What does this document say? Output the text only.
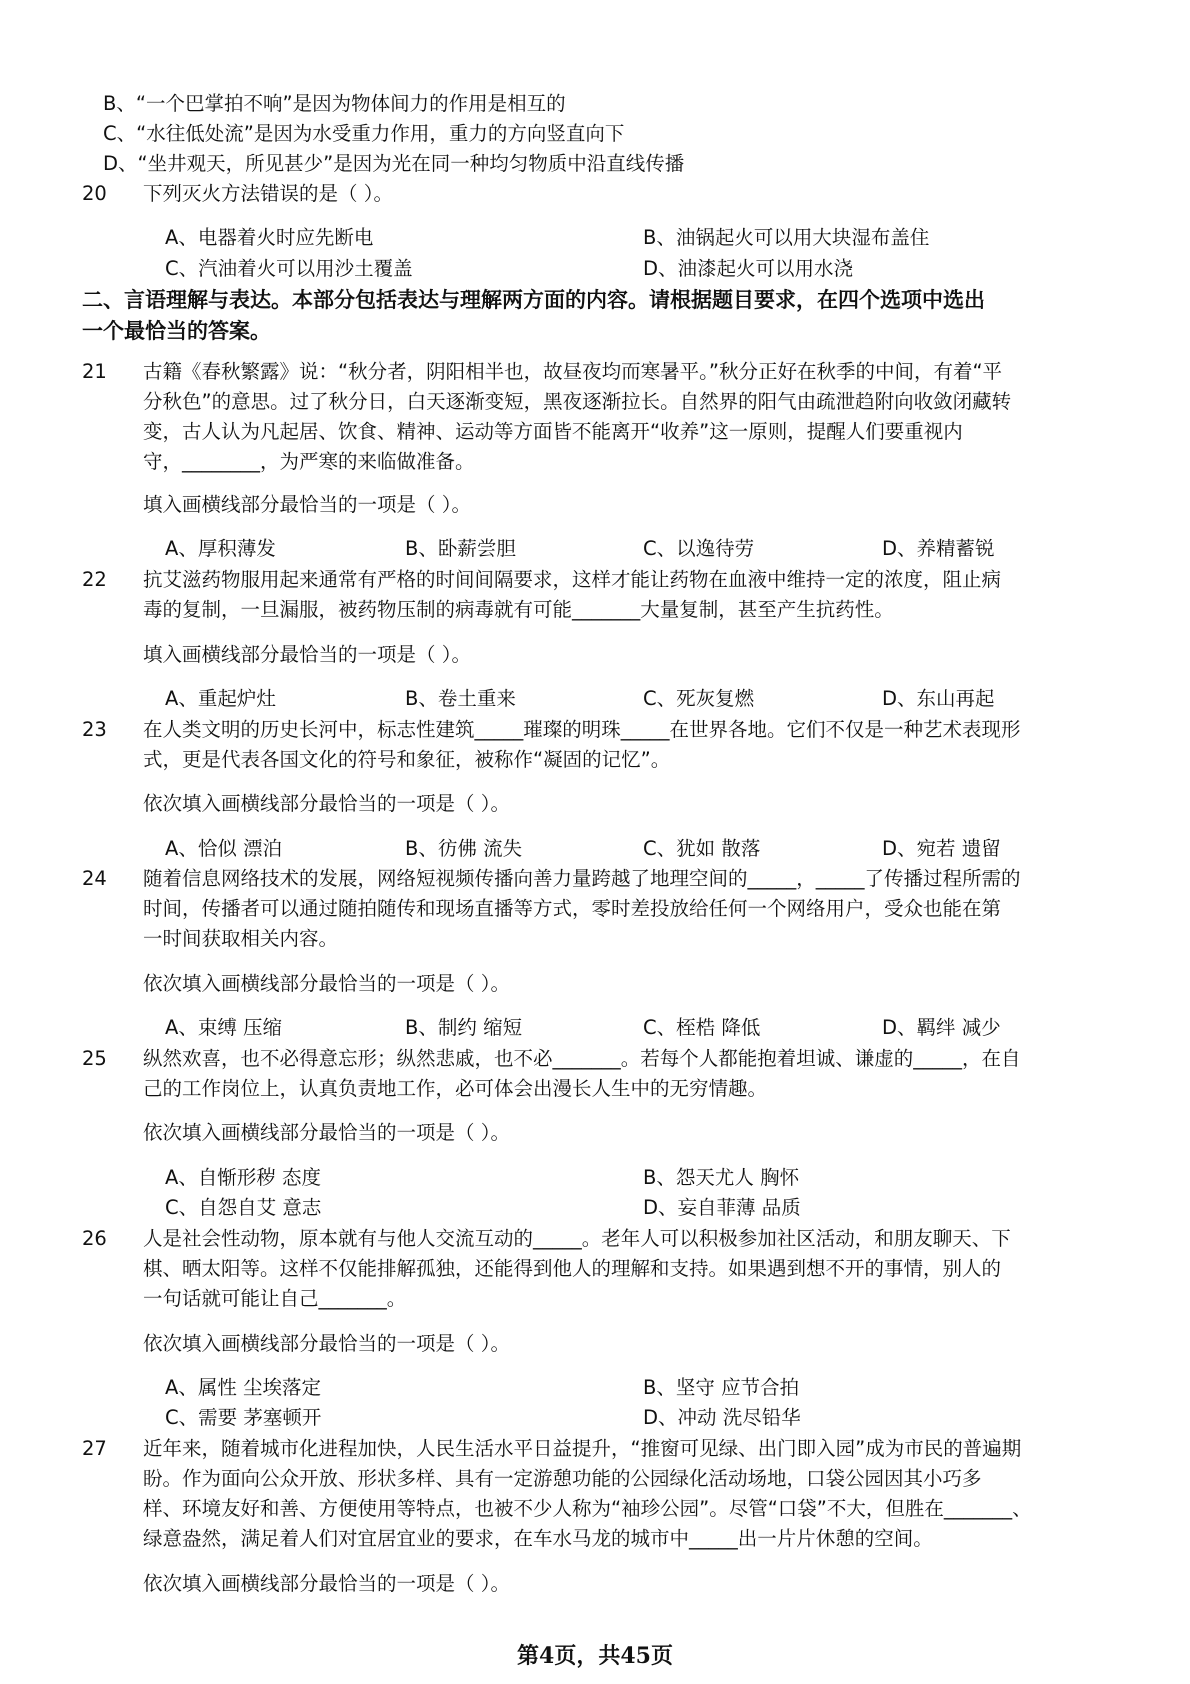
B、“一个巴掌拍不响”是因为物体间力的作用是相互的
C、“水往低处流”是因为水受重力作用，重力的方向竖直向下
D、“坐井观天，所见甚少”是因为光在同一种均匀物质中沿直线传播
20 下列灭火方法错误的是（ ）。
A、电器着火时应先断电	B、油锅起火可以用大块湿布盖住
C、汽油着火可以用沙土覆盖	D、油漆起火可以用水浇
二、言语理解与表达。本部分包括表达与理解两方面的内容。请根据题目要求，在四个选项中选出
一个最恰当的答案。
21 古籍《春秋繁露》说：“秋分者，阴阳相半也，故昼夜均而寒暑平。”秋分正好在秋季的中间，有着“平
分秋色”的意思。过了秋分日，白天逐渐变短，黑夜逐渐拉长。自然界的阳气由疏泄趋附向收敛闭藏转
变，古人认为凡起居、饮食、精神、运动等方面皆不能离开“收养”这一原则，提醒人们要重视内
守，________，为严寒的来临做准备。
填入画横线部分最恰当的一项是（ ）。
A、厚积薄发	B、卧薪尝胆	C、以逸待劳	D、养精蓄锐
22 抗艾滋药物服用起来通常有严格的时间间隔要求，这样才能让药物在血液中维持一定的浓度，阻止病
毒的复制，一旦漏服，被药物压制的病毒就有可能_______大量复制，甚至产生抗药性。
填入画横线部分最恰当的一项是（ ）。
A、重起炉灶	B、卷土重来	C、死灰复燃	D、东山再起
23 在人类文明的历史长河中，标志性建筑_____璀璨的明珠_____在世界各地。它们不仅是一种艺术表现形
式，更是代表各国文化的符号和象征，被称作“凝固的记忆”。
依次填入画横线部分最恰当的一项是（ ）。
A、恰似 漂泊	B、彷佛 流失	C、犹如 散落	D、宛若 遗留
24 随着信息网络技术的发展，网络短视频传播向善力量跨越了地理空间的_____，_____了传播过程所需的
时间，传播者可以通过随拍随传和现场直播等方式，零时差投放给任何一个网络用户，受众也能在第
一时间获取相关内容。
依次填入画横线部分最恰当的一项是（ ）。
A、束缚 压缩	B、制约 缩短	C、桎梏 降低	D、羁绊 减少
25 纵然欢喜，也不必得意忘形；纵然悲戚，也不必_______。若每个人都能抱着坦诚、谦虚的_____，在自
己的工作岗位上，认真负责地工作，必可体会出漫长人生中的无穷情趣。
依次填入画横线部分最恰当的一项是（ ）。
A、自惭形秽 态度	B、怨天尤人 胸怀
C、自怨自艾 意志	D、妄自菲薄 品质
26 人是社会性动物，原本就有与他人交流互动的_____。老年人可以积极参加社区活动，和朋友聊天、下
棋、晒太阳等。这样不仅能排解孤独，还能得到他人的理解和支持。如果遇到想不开的事情，别人的
一句话就可能让自己_______。
依次填入画横线部分最恰当的一项是（ ）。
A、属性 尘埃落定	B、坚守 应节合拍
C、需要 茅塞顿开	D、冲动 洗尽铅华
27 近年来，随着城市化进程加快，人民生活水平日益提升，“推窗可见绿、出门即入园”成为市民的普遍期
盼。作为面向公众开放、形状多样、具有一定游憩功能的公园绿化活动场地，口袋公园因其小巧多
样、环境友好和善、方便使用等特点，也被不少人称为“袖珍公园”。尽管“口袋”不大，但胜在_______、
绿意盎然，满足着人们对宜居宜业的要求，在车水马龙的城市中_____出一片片休憩的空间。
依次填入画横线部分最恰当的一项是（ ）。
第4页，共45页
